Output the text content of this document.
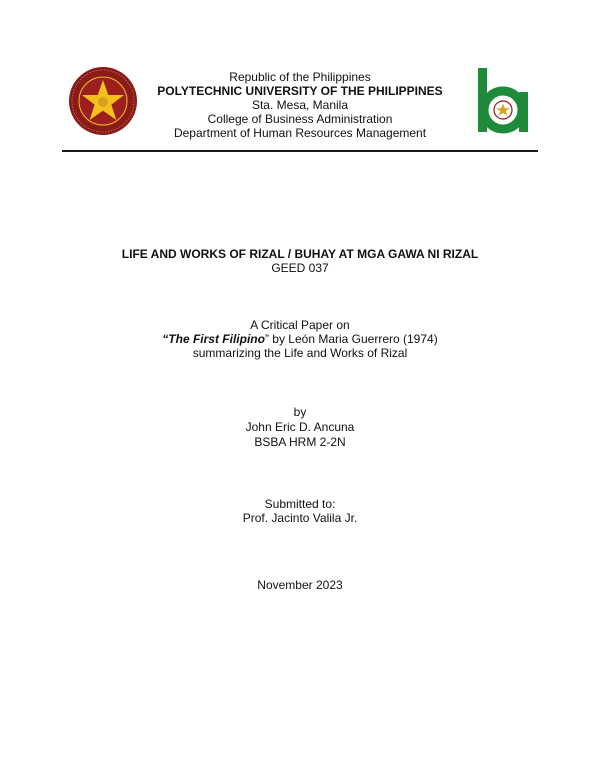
Republic of the Philippines
POLYTECHNIC UNIVERSITY OF THE PHILIPPINES
Sta. Mesa, Manila
College of Business Administration
Department of Human Resources Management
LIFE AND WORKS OF RIZAL / BUHAY AT MGA GAWA NI RIZAL
GEED 037
A Critical Paper on
“The First Filipino” by León Maria Guerrero (1974)
summarizing the Life and Works of Rizal
by
John Eric D. Ancuna
BSBA HRM 2-2N
Submitted to:
Prof. Jacinto Valila Jr.
November 2023
